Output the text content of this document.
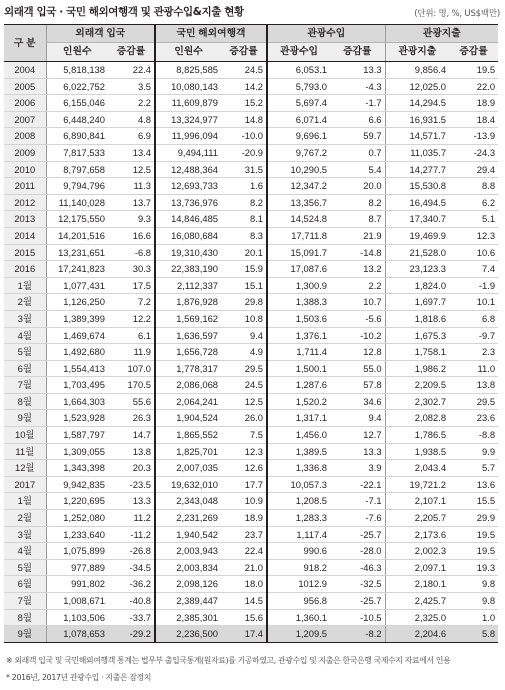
외래객 입국 · 국민 해외여행객 및 관광수입&지출 현황	(단위: 명, %, US$백만)
구 분	외래객 입국		국민 해외여행객		관광수입		관광지출	
	인원수	증감률	인원수	증감률	관광수입	증감률	관광지출	증감률
2004	5,818,138	22.4	8,825,585	24.5	6,053.1	13.3	9,856.4	19.5
2005	6,022,752	3.5	10,080,143	14.2	5,793.0	-4.3	12,025.0	22.0
2006	6,155,046	2.2	11,609,879	15.2	5,697.4	-1.7	14,294.5	18.9
2007	6,448,240	4.8	13,324,977	14.8	6,071.4	6.6	16,931.5	18.4
2008	6,890,841	6.9	11,996,094	-10.0	9,696.1	59.7	14,571.7	-13.9
2009	7,817,533	13.4	9,494,111	-20.9	9,767.2	0.7	11,035.7	-24.3
2010	8,797,658	12.5	12,488,364	31.5	10,290.5	5.4	14,277.7	29.4
2011	9,794,796	11.3	12,693,733	1.6	12,347.2	20.0	15,530.8	8.8
2012	11,140,028	13.7	13,736,976	8.2	13,356.7	8.2	16,494.5	6.2
2013	12,175,550	9.3	14,846,485	8.1	14,524.8	8.7	17,340.7	5.1
2014	14,201,516	16.6	16,080,684	8.3	17,711.8	21.9	19,469.9	12.3
2015	13,231,651	-6.8	19,310,430	20.1	15,091.7	-14.8	21,528.0	10.6
2016	17,241,823	30.3	22,383,190	15.9	17,087.6	13.2	23,123.3	7.4
1월	1,077,431	17.5	2,112,337	15.1	1,300.9	2.2	1,824.0	-1.9
2월	1,126,250	7.2	1,876,928	29.8	1,388.3	10.7	1,697.7	10.1
3월	1,389,399	12.2	1,569,162	10.8	1,503.6	-5.6	1,818.6	6.8
4월	1,469,674	6.1	1,636,597	9.4	1,376.1	-10.2	1,675.3	-9.7
5월	1,492,680	11.9	1,656,728	4.9	1,711.4	12.8	1,758.1	2.3
6월	1,554,413	107.0	1,778,317	29.5	1,500.1	55.0	1,986.2	11.0
7월	1,703,495	170.5	2,086,068	24.5	1,287.6	57.8	2,209.5	13.8
8월	1,664,303	55.6	2,064,241	12.5	1,520.2	34.6	2,302.7	29.5
9월	1,523,928	26.3	1,904,524	26.0	1,317.1	9.4	2,082.8	23.6
10월	1,587,797	14.7	1,865,552	7.5	1,456.0	12.7	1,786.5	-8.8
11월	1,309,055	13.8	1,825,701	12.3	1,389.5	13.3	1,938.5	9.9
12월	1,343,398	20.3	2,007,035	12.6	1,336.8	3.9	2,043.4	5.7
2017	9,942,835	-23.5	19,632,010	17.7	10,057.3	-22.1	19,721.2	13.6
1월	1,220,695	13.3	2,343,048	10.9	1,208.5	-7.1	2,107.1	15.5
2월	1,252,080	11.2	2,231,269	18.9	1,283.3	-7.6	2,205.7	29.9
3월	1,233,640	-11.2	1,940,542	23.7	1,117.4	-25.7	2,173.6	19.5
4월	1,075,899	-26.8	2,003,943	22.4	990.6	-28.0	2,002.3	19.5
5월	977,889	-34.5	2,003,834	21.0	918.2	-46.3	2,097.1	19.3
6월	991,802	-36.2	2,098,126	18.0	1012.9	-32.5	2,180.1	9.8
7월	1,008,671	-40.8	2,389,447	14.5	956.8	-25.7	2,425.7	9.8
8월	1,103,506	-33.7	2,385,301	15.6	1,360.1	-10.5	2,325.0	1.0
9월	1,078,653	-29.2	2,236,500	17.4	1,209.5	-8.2	2,204.6	5.8
※ 외래객 입국 및 국민해외여행객 통계는 법무부 출입국통계(원자료)를 기공하였고, 관광수입 및 지출은 한국은행 국제수지 자료에서 인용
* 2016년, 2017년 관광수입 · 지출은 잠정치
